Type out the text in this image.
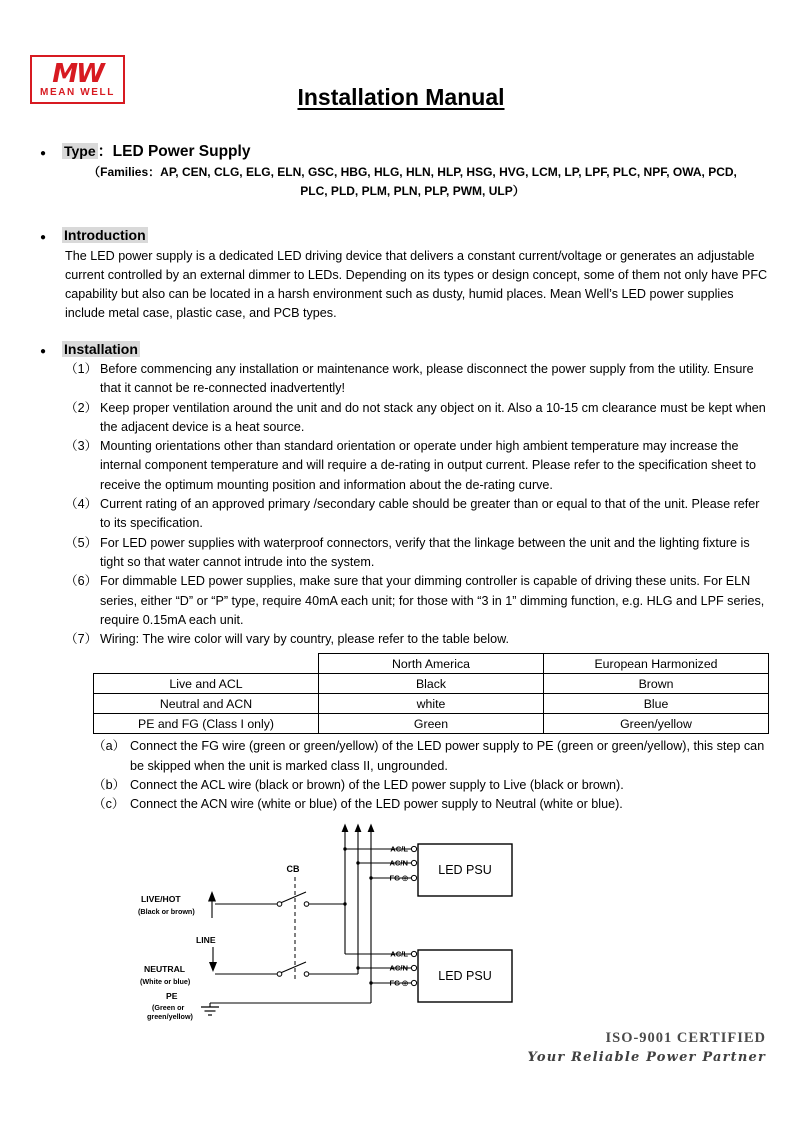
MW
MEAN WELL	Installation Manual
●	Type ： LED Power Supply
（Families：AP, CEN, CLG, ELG, ELN, GSC, HBG, HLG, HLN, HLP, HSG, HVG, LCM, LP, LPF, PLC, NPF, OWA, PCD, PLC, PLD, PLM, PLN, PLP, PWM, ULP）
●	Introduction

The LED power supply is a dedicated LED driving device that delivers a constant current/voltage or generates an adjustable current controlled by an external dimmer to LEDs. Depending on its types or design concept, some of them not only have PFC capability but also can be located in a harsh environment such as dusty, humid places. Mean Well’s LED power supplies include metal case, plastic case, and PCB types.

●	Installation
（1） Before commencing any installation or maintenance work, please disconnect the power supply from the utility. Ensure that it cannot be re-connected inadvertently!
（2） Keep proper ventilation around the unit and do not stack any object on it. Also a 10-15 cm clearance must be kept when the adjacent device is a heat source.
（3） Mounting orientations other than standard orientation or operate under high ambient temperature may increase the internal component temperature and will require a de-rating in output current. Please refer to the specification sheet to receive the optimum mounting position and information about the de-rating curve.
（4） Current rating of an approved primary /secondary cable should be greater than or equal to that of the unit. Please refer to its specification.
（5） For LED power supplies with waterproof connectors, verify that the linkage between the unit and the lighting fixture is tight so that water cannot intrude into the system.
（6） For dimmable LED power supplies, make sure that your dimming controller is capable of driving these units. For ELN series, either “D” or “P” type, require 40mA each unit; for those with “3 in 1” dimming function, e.g. HLG and LPF series, require 0.15mA each unit.
（7） Wiring: The wire color will vary by country, please refer to the table below.
	North America	European Harmonized
Live and ACL	Black	Brown
Neutral and ACN	white	Blue
PE and FG (Class I only)	Green	Green/yellow
（a） Connect the FG wire (green or green/yellow) of the LED power supply to PE (green or green/yellow), this step can be skipped when the unit is marked class II, ungrounded.
（b） Connect the ACL wire (black or brown) of the LED power supply to Live (black or brown).
（c） Connect the ACN wire (white or blue) of the LED power supply to Neutral (white or blue).
CB	LED PSU
LED PSU
AC/L
AC/N
FG ⊕
AC/L
AC/N
FG ⊕
LIVE/HOT
(Black or brown)
LINE
NEUTRAL
(White or blue)
PE
(Green or
green/yellow)
ISO-9001 CERTIFIED
Your Reliable Power Partner
